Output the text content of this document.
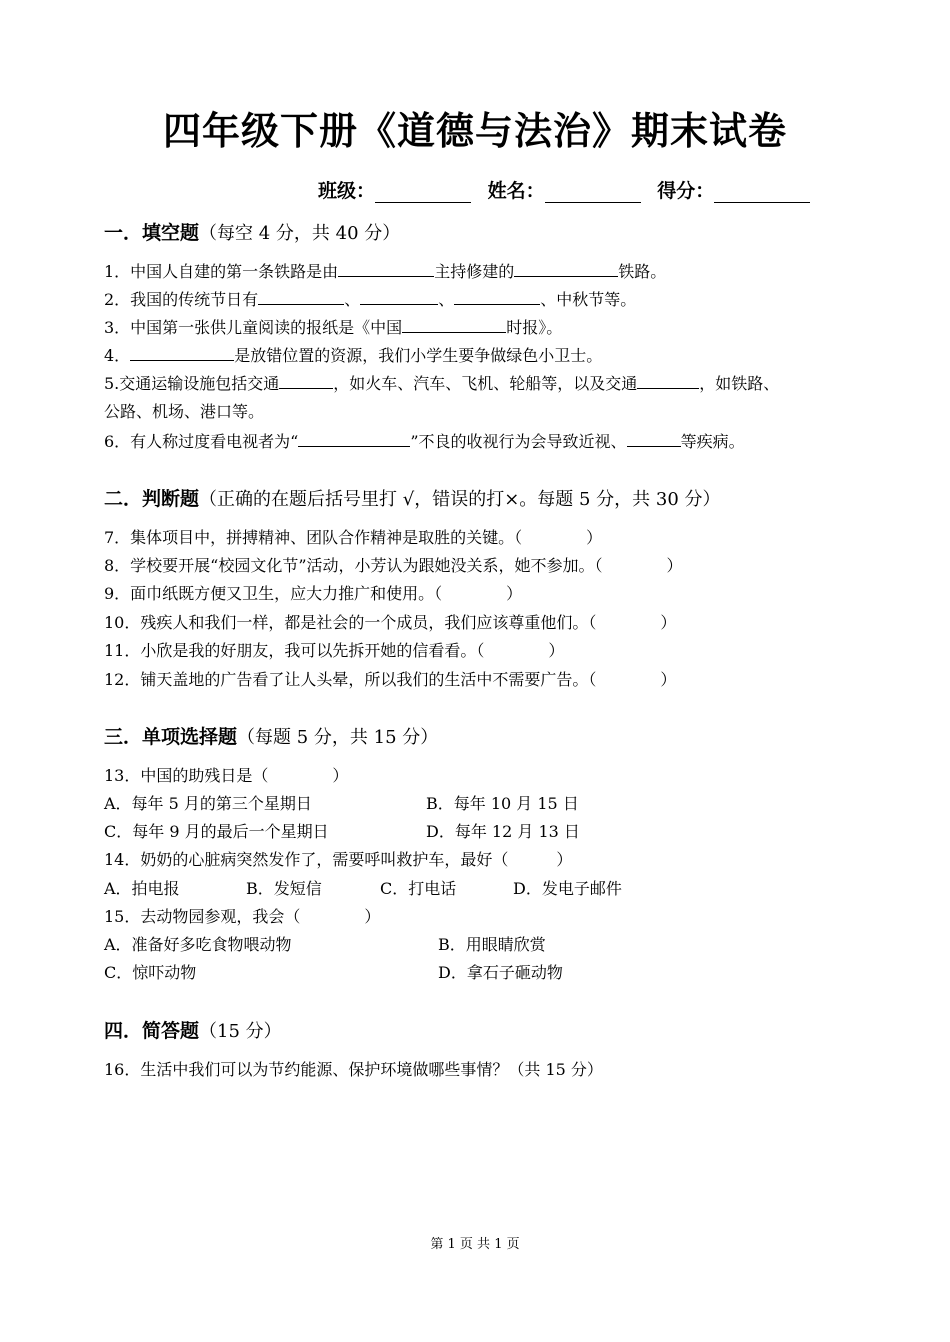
四年级下册《道德与法治》期末试卷
班级：	姓名：	得分：
一．填空题（每空 4 分，共 40 分）
1．中国人自建的第一条铁路是由	主持修建的	铁路。
2．我国的传统节日有	、	、	、中秋节等。
3．中国第一张供儿童阅读的报纸是《中国	时报》。
4．	是放错位置的资源，我们小学生要争做绿色小卫士。
5.交通运输设施包括交通	，如火车、汽车、飞机、轮船等，以及交通	，如铁路、
公路、机场、港口等。
6．有人称过度看电视者为“	”不良的收视行为会导致近视、	等疾病。
二．判断题（正确的在题后括号里打 √，错误的打×。每题 5 分，共 30 分）
7．集体项目中，拼搏精神、团队合作精神是取胜的关键。（　　　　）
8．学校要开展“校园文化节”活动，小芳认为跟她没关系，她不参加。（　　　　）
9．面巾纸既方便又卫生，应大力推广和使用。（　　　　）
10．残疾人和我们一样，都是社会的一个成员，我们应该尊重他们。（　　　　）
11．小欣是我的好朋友，我可以先拆开她的信看看。（　　　　）
12．铺天盖地的广告看了让人头晕，所以我们的生活中不需要广告。（　　　　）
三．单项选择题（每题 5 分，共 15 分）
13．中国的助残日是（　　　　）
A．每年 5 月的第三个星期日	B．每年 10 月 15 日
C．每年 9 月的最后一个星期日	D．每年 12 月 13 日
14．奶奶的心脏病突然发作了，需要呼叫救护车，最好（　　　）
A．拍电报	B．发短信	C．打电话	D．发电子邮件
15．去动物园参观，我会（　　　　）
A．准备好多吃食物喂动物	B．用眼睛欣赏
C．惊吓动物	D．拿石子砸动物
四．简答题（15 分）
16．生活中我们可以为节约能源、保护环境做哪些事情？（共 15 分）
第 1 页 共 1 页
